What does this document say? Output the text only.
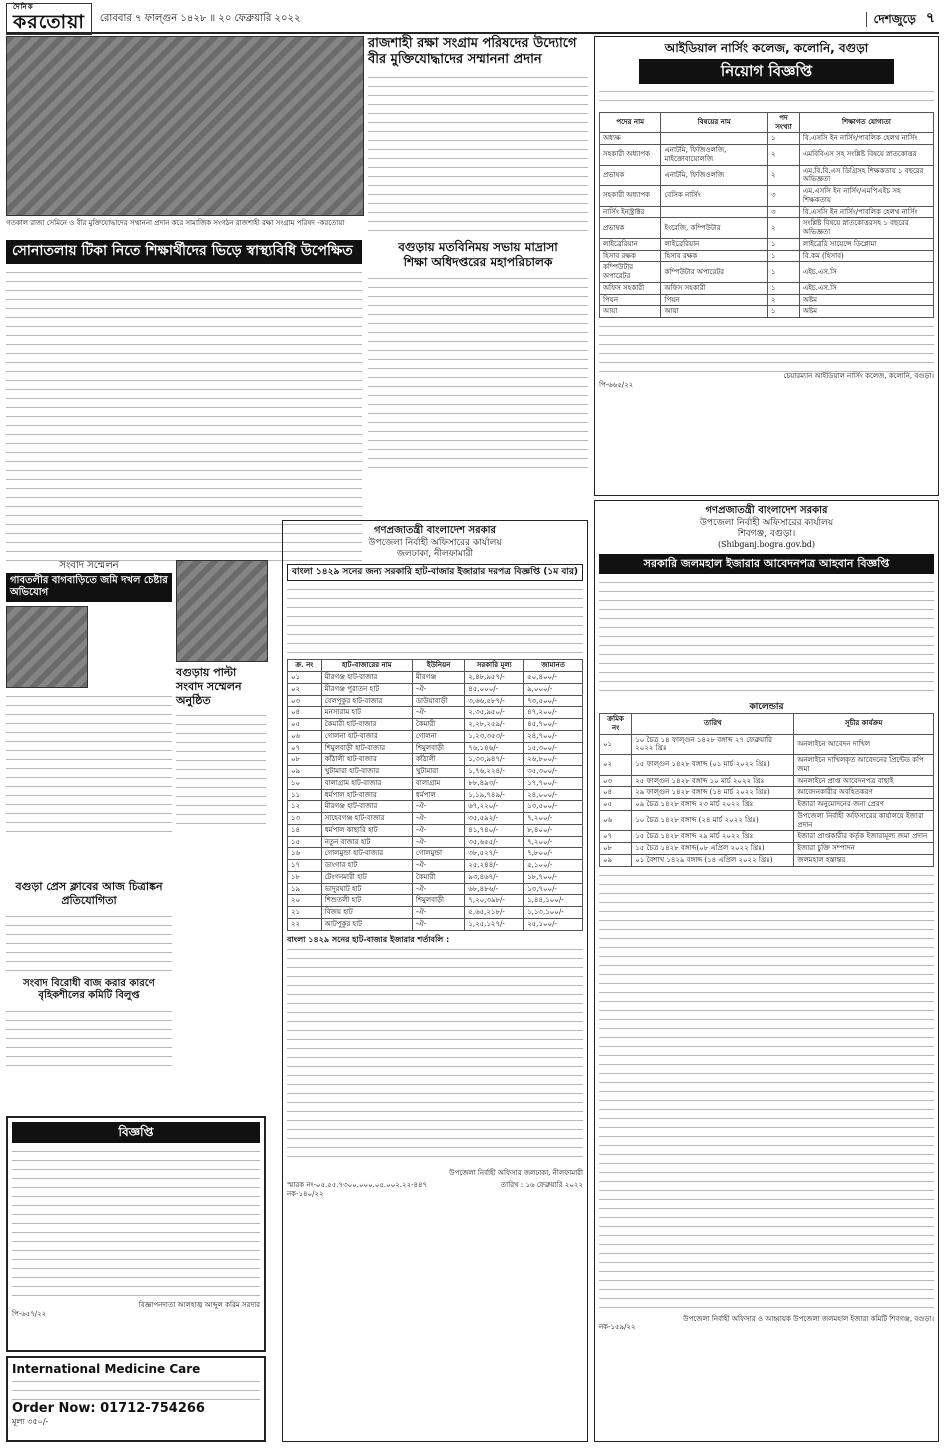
দৈনিক
করতোয়া	রোববার ৭ ফাল্গুন ১৪২৮ ॥ ২০ ফেব্রুয়ারি ২০২২	দেশজুড়ে ৭
গতকাল রাজা সেমিনে ও বীর মুক্তিযোদ্ধাদের সম্মাননা প্রদান করে সামাজিক সংগঠন রাজশাহী রক্ষা সংগ্রাম পরিষদ -করতোয়া
রাজশাহী রক্ষা সংগ্রাম পরিষদের উদ্যোগে
বীর মুক্তিযোদ্ধাদের সম্মাননা প্রদান
সোনাতলায় টিকা নিতে শিক্ষার্থীদের ভিড়ে স্বাস্থ্যবিধি উপেক্ষিত	বগুড়ায় মতবিনিময় সভায় মাদ্রাসা
শিক্ষা অধিদপ্তরের মহাপরিচালক
সংবাদ সম্মেলন
গাবতলীর বাগবাড়িতে জমি দখল চেষ্টার অভিযোগ
বগুড়ায় পাল্টা সংবাদ সম্মেলন অনুষ্ঠিত
বগুড়া প্রেস ক্লাবের আজ চিত্রাঙ্কন প্রতিযোগিতা
সংবাদ বিরোধী বাজ করার কারণে
বৃহিকশীলের কমিটি বিলুপ্ত
বিজ্ঞপ্তি
বিজ্ঞাপনদাতা আলহাজ্ব আব্দুল করিম সরদার
পি-৬৫৭/২২
International Medicine Care
Order Now: 01712-754266
মূল্য ৩৫০/-
গণপ্রজাতন্ত্রী বাংলাদেশ সরকার
উপজেলা নির্বাহী অফিসারের কার্যালয়
জলঢাকা, নীলফামারী
বাংলা ১৪২৯ সনের জন্য সরকারি হাট-বাজার ইজারার দরপত্র বিজ্ঞপ্তি (১ম বার)
ক্র. নং	হাট-বাজারের নাম	ইউনিয়ন	সরকারি মূল্য	জামানত
০১	মীরগঞ্জ হাট-বাজার	মীরগঞ্জ	২,৪৮,৯৫৭/-	৫০,৪০০/-
০২	মীরগঞ্জ পুরাতন হাট	-ঐ-	৪৫,০০০/-	৯,০০০/-
০৩	বেলপুকুর হাট-বাজার	ডাউয়াবাড়ী	৩,৬৬,৫৮৭/-	৭৩,৫০০/-
০৪	মনসারাম হাট	-ঐ-	২,৩৫,৯৫০/-	৪৭,২০০/-
০৫	কৈমারী হাট-বাজার	কৈমারী	২,২৮,২৫৯/-	৪৫,৭০০/-
০৬	গোলনা হাট-বাজার	গোলনা	১,২৩,৩৫৩/-	২৪,৭০০/-
০৭	শিমুলবাড়ী হাট-বাজার	শিমুলবাড়ী	৭৬,১৪৬/-	১৫,৩০০/-
০৮	কাঁঠালী হাট-বাজার	কাঁঠালী	১,৩৩,৯৪৭/-	২৬,৮০০/-
০৯	খুটামারা হাট-বাজার	খুটামারা	১,৭৬,২২৪/-	৩৫,৩০০/-
১০	বালাগ্রাম হাট-বাজার	বালাগ্রাম	৮৮,৪৯৩/-	১৭,৭০০/-
১১	ধর্মপাল হাট-বাজার	ধর্মপাল	১,১৯,৭৪৯/-	২৪,০০০/-
১২	মীরগঞ্জ হাট-বাজার	-ঐ-	৬৭,২২০/-	১৩,৫০০/-
১৩	সাহেবগঞ্জ হাট-বাজার	-ঐ-	৩৫,৫৯২/-	৭,২০০/-
১৪	ধর্মপাল কাছারি হাট	-ঐ-	৪১,৭৪০/-	৮,৪০০/-
১৫	নতুন বাজার হাট	-ঐ-	৩৫,৬৫৫/-	৭,২০০/-
১৬	গোলমুন্ডা হাট-বাজার	গোলমুন্ডা	৩৮,৫২৭/-	৭,৮০০/-
১৭	ডাংগার হাট	-ঐ-	২৫,২৪৪/-	৫,১০০/-
১৮	টেংগনমারী হাট	কৈমারী	৯৩,৪৬৭/-	১৮,৭০০/-
১৯	ভাদুরঘাট হাট	-ঐ-	৬৮,৪৮৬/-	১৩,৭০০/-
২০	শিশুতলী হাট	শিমুলবাড়ী	৭,২০,৩৯৮/-	১,৪৪,১০০/-
২১	বিজয় হাট	-ঐ-	৫,৬৫,২১৮/-	১,১৩,১০০/-
২২	আটপুকুর হাট	-ঐ-	১,২৫,১২৭/-	২৫,১০০/-
বাংলা ১৪২৯ সনের হাট-বাজার ইজারার শর্তাবলি :
উপজেলা নির্বাহী অফিসার জলঢাকা, নীলফামারী
স্মারক নং-০৫.৫৫.৭৩০০.০০০.০৫.০০২.২২-৪৪৭	তারিখ : ১৬ ফেব্রুয়ারি ২০২২
নক-১৪০/২২
আইডিয়াল নার্সিং কলেজ, কলোনি, বগুড়া
নিয়োগ বিজ্ঞপ্তি
পদের নাম	বিষয়ের নাম	পদ সংখ্যা	শিক্ষাগত যোগ্যতা
অধ্যক্ষ		১	বি.এসসি ইন নার্সিং/পাবলিক হেলথ নার্সিং
সহকারী অধ্যাপক	এনাটমি, ফিজিওলজি, মাইক্রোবায়োলজি	২	এমবিবিএস সহ সংশ্লিষ্ট বিষয়ে স্নাতকোত্তর
প্রভাষক	এনাটমি, ফিজিওলজি	২	এম.বি.বি.এস ডিগ্রিসহ শিক্ষকতায় ১ বছরের অভিজ্ঞতা
সহকারী অধ্যাপক	বেসিক নার্সিং	৩	এম.এসসি ইন নার্সিং/এমপিএইচ সহ শিক্ষকতায়
নার্সিং ইনস্ট্রাক্টর		৩	বি.এসসি ইন নার্সিং/পাবলিক হেলথ নার্সিং
প্রভাষক	ইংরেজি, কম্পিউটার	২	সংশ্লিষ্ট বিষয়ে স্নাতকোত্তরসহ ১ বছরের অভিজ্ঞতা
লাইব্রেরিয়ান	লাইব্রেরিয়ান	১	লাইব্রেরি সায়েন্সে ডিপ্লোমা
হিসাব রক্ষক	হিসাব রক্ষক	১	বি.কম (হিসাব)
কম্পিউটার অপারেটর	কম্পিউটার অপারেটর	১	এইচ.এস.সি
অফিস সহকারী	অফিস সহকারী	১	এইচ.এস.সি
পিয়ন	পিয়ন	২	অষ্টম
আয়া	আয়া	১	অষ্টম
চেয়ারম্যান আইডিয়াল নার্সিং কলেজ, কলোনি, বগুড়া।
পি-৬৬৫/২২
গণপ্রজাতন্ত্রী বাংলাদেশ সরকার
উপজেলা নির্বাহী অফিসারের কার্যালয়
শিবগঞ্জ, বগুড়া।
(Shibganj.bogra.gov.bd)
সরকারি জলমহাল ইজারার আবেদনপত্র আহবান বিজ্ঞপ্তি
কালেন্ডার
ক্রমিক নং	তারিখ	সূচীর কার্যক্রম
০১	১০ চৈত্র ১৪ ফাল্গুন ১৪২৮ বঙ্গাব্দ ২৭ ফেব্রুয়ারি ২০২২ খ্রিঃ	অনলাইনে আবেদন দাখিল
০২	১৫ ফাল্গুন ১৪২৮ বঙ্গাব্দ (০১ মার্চ ২০২২ খ্রিঃ)	অনলাইনে দাখিলকৃত আবেদনের প্রিন্টেড কপি জমা
০৩	২৫ ফাল্গুন ১৪২৮ বঙ্গাব্দ ১০ মার্চ ২০২২ খ্রিঃ	অনলাইনে প্রাপ্ত আবেদনপত্র বাছাই
০৪	২৯ ফাল্গুন ১৪২৮ বঙ্গাব্দ (১৪ মার্চ ২০২২ খ্রিঃ)	আবেদনকারীর অবহিতকরণ
০৫	০৯ চৈত্র ১৪২৮ বঙ্গাব্দ ২৩ মার্চ ২০২২ খ্রিঃ	ইজারা অনুমোদনের জন্য প্রেরণ
০৬	১০ চৈত্র ১৪২৮ বঙ্গাব্দ (২৪ মার্চ ২০২২ খ্রিঃ)	উপজেলা নির্বাহী অফিসারের কার্যালয়ে ইজারা প্রদান
০৭	১৫ চৈত্র ১৪২৮ বঙ্গাব্দ ২৯ মার্চ ২০২২ খ্রিঃ	ইজারা প্রাপ্তকারীর কর্তৃক ইজারামূল্য জমা প্রদান
০৮	১৫ চৈত্র ১৪২৮ বঙ্গাব্দ(০৮ এপ্রিল ২০২২ খ্রিঃ)	ইজারা চুক্তি সম্পাদন
০৯	০১ বৈশাখ ১৪২৯ বঙ্গাব্দ (১৪ এপ্রিল ২০২২ খ্রিঃ)	জলমহাল হস্তান্তর
উপজেলা নির্বাহী অফিসার ও আহ্বায়ক উপজেলা জলমহাল ইজারা কমিটি শিবগঞ্জ, বগুড়া।
নক-১৫৯/২২
